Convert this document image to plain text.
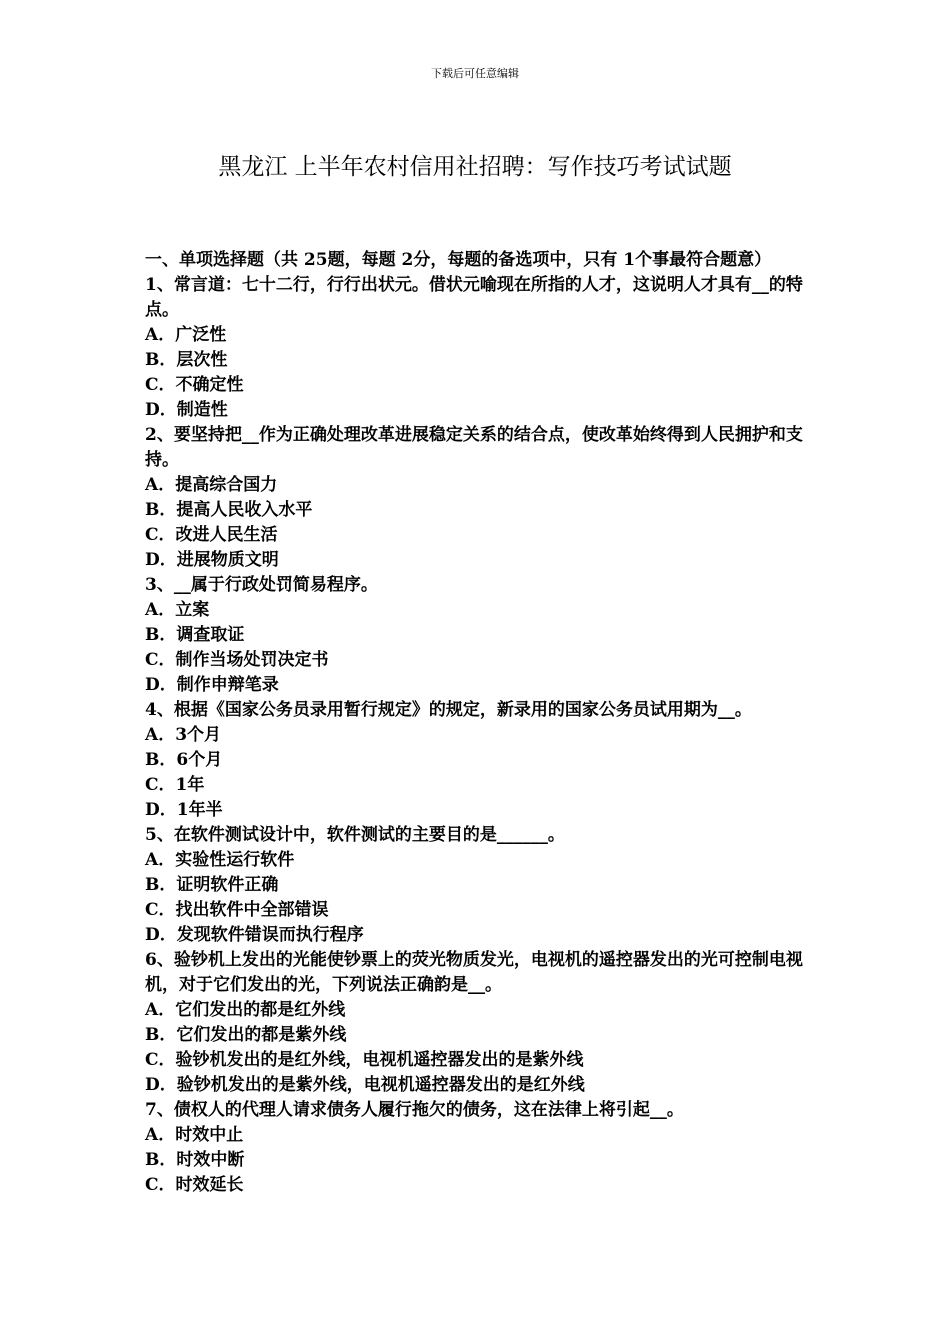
下载后可任意编辑
黑龙江 上半年农村信用社招聘：写作技巧考试试题
一、单项选择题（共 25题，每题 2分，每题的备选项中，只有 1个事最符合题意）
1、常言道：七十二行，行行出状元。借状元喻现在所指的人才，这说明人才具有__的特点。
A．广泛性
B．层次性
C．不确定性
D．制造性
2、要坚持把__作为正确处理改革进展稳定关系的结合点，使改革始终得到人民拥护和支持。
A．提高综合国力
B．提高人民收入水平
C．改进人民生活
D．进展物质文明
3、__属于行政处罚简易程序。
A．立案
B．调查取证
C．制作当场处罚决定书
D．制作申辩笔录
4、根据《国家公务员录用暂行规定》的规定，新录用的国家公务员试用期为__。
A．3个月
B．6个月
C．1年
D．1年半
5、在软件测试设计中，软件测试的主要目的是______。
A．实验性运行软件
B．证明软件正确
C．找出软件中全部错误
D．发现软件错误而执行程序
6、验钞机上发出的光能使钞票上的荧光物质发光，电视机的遥控器发出的光可控制电视机，对于它们发出的光，下列说法正确韵是__。
A．它们发出的都是红外线
B．它们发出的都是紫外线
C．验钞机发出的是红外线，电视机遥控器发出的是紫外线
D．验钞机发出的是紫外线，电视机遥控器发出的是红外线
7、债权人的代理人请求债务人履行拖欠的债务，这在法律上将引起__。
A．时效中止
B．时效中断
C．时效延长
